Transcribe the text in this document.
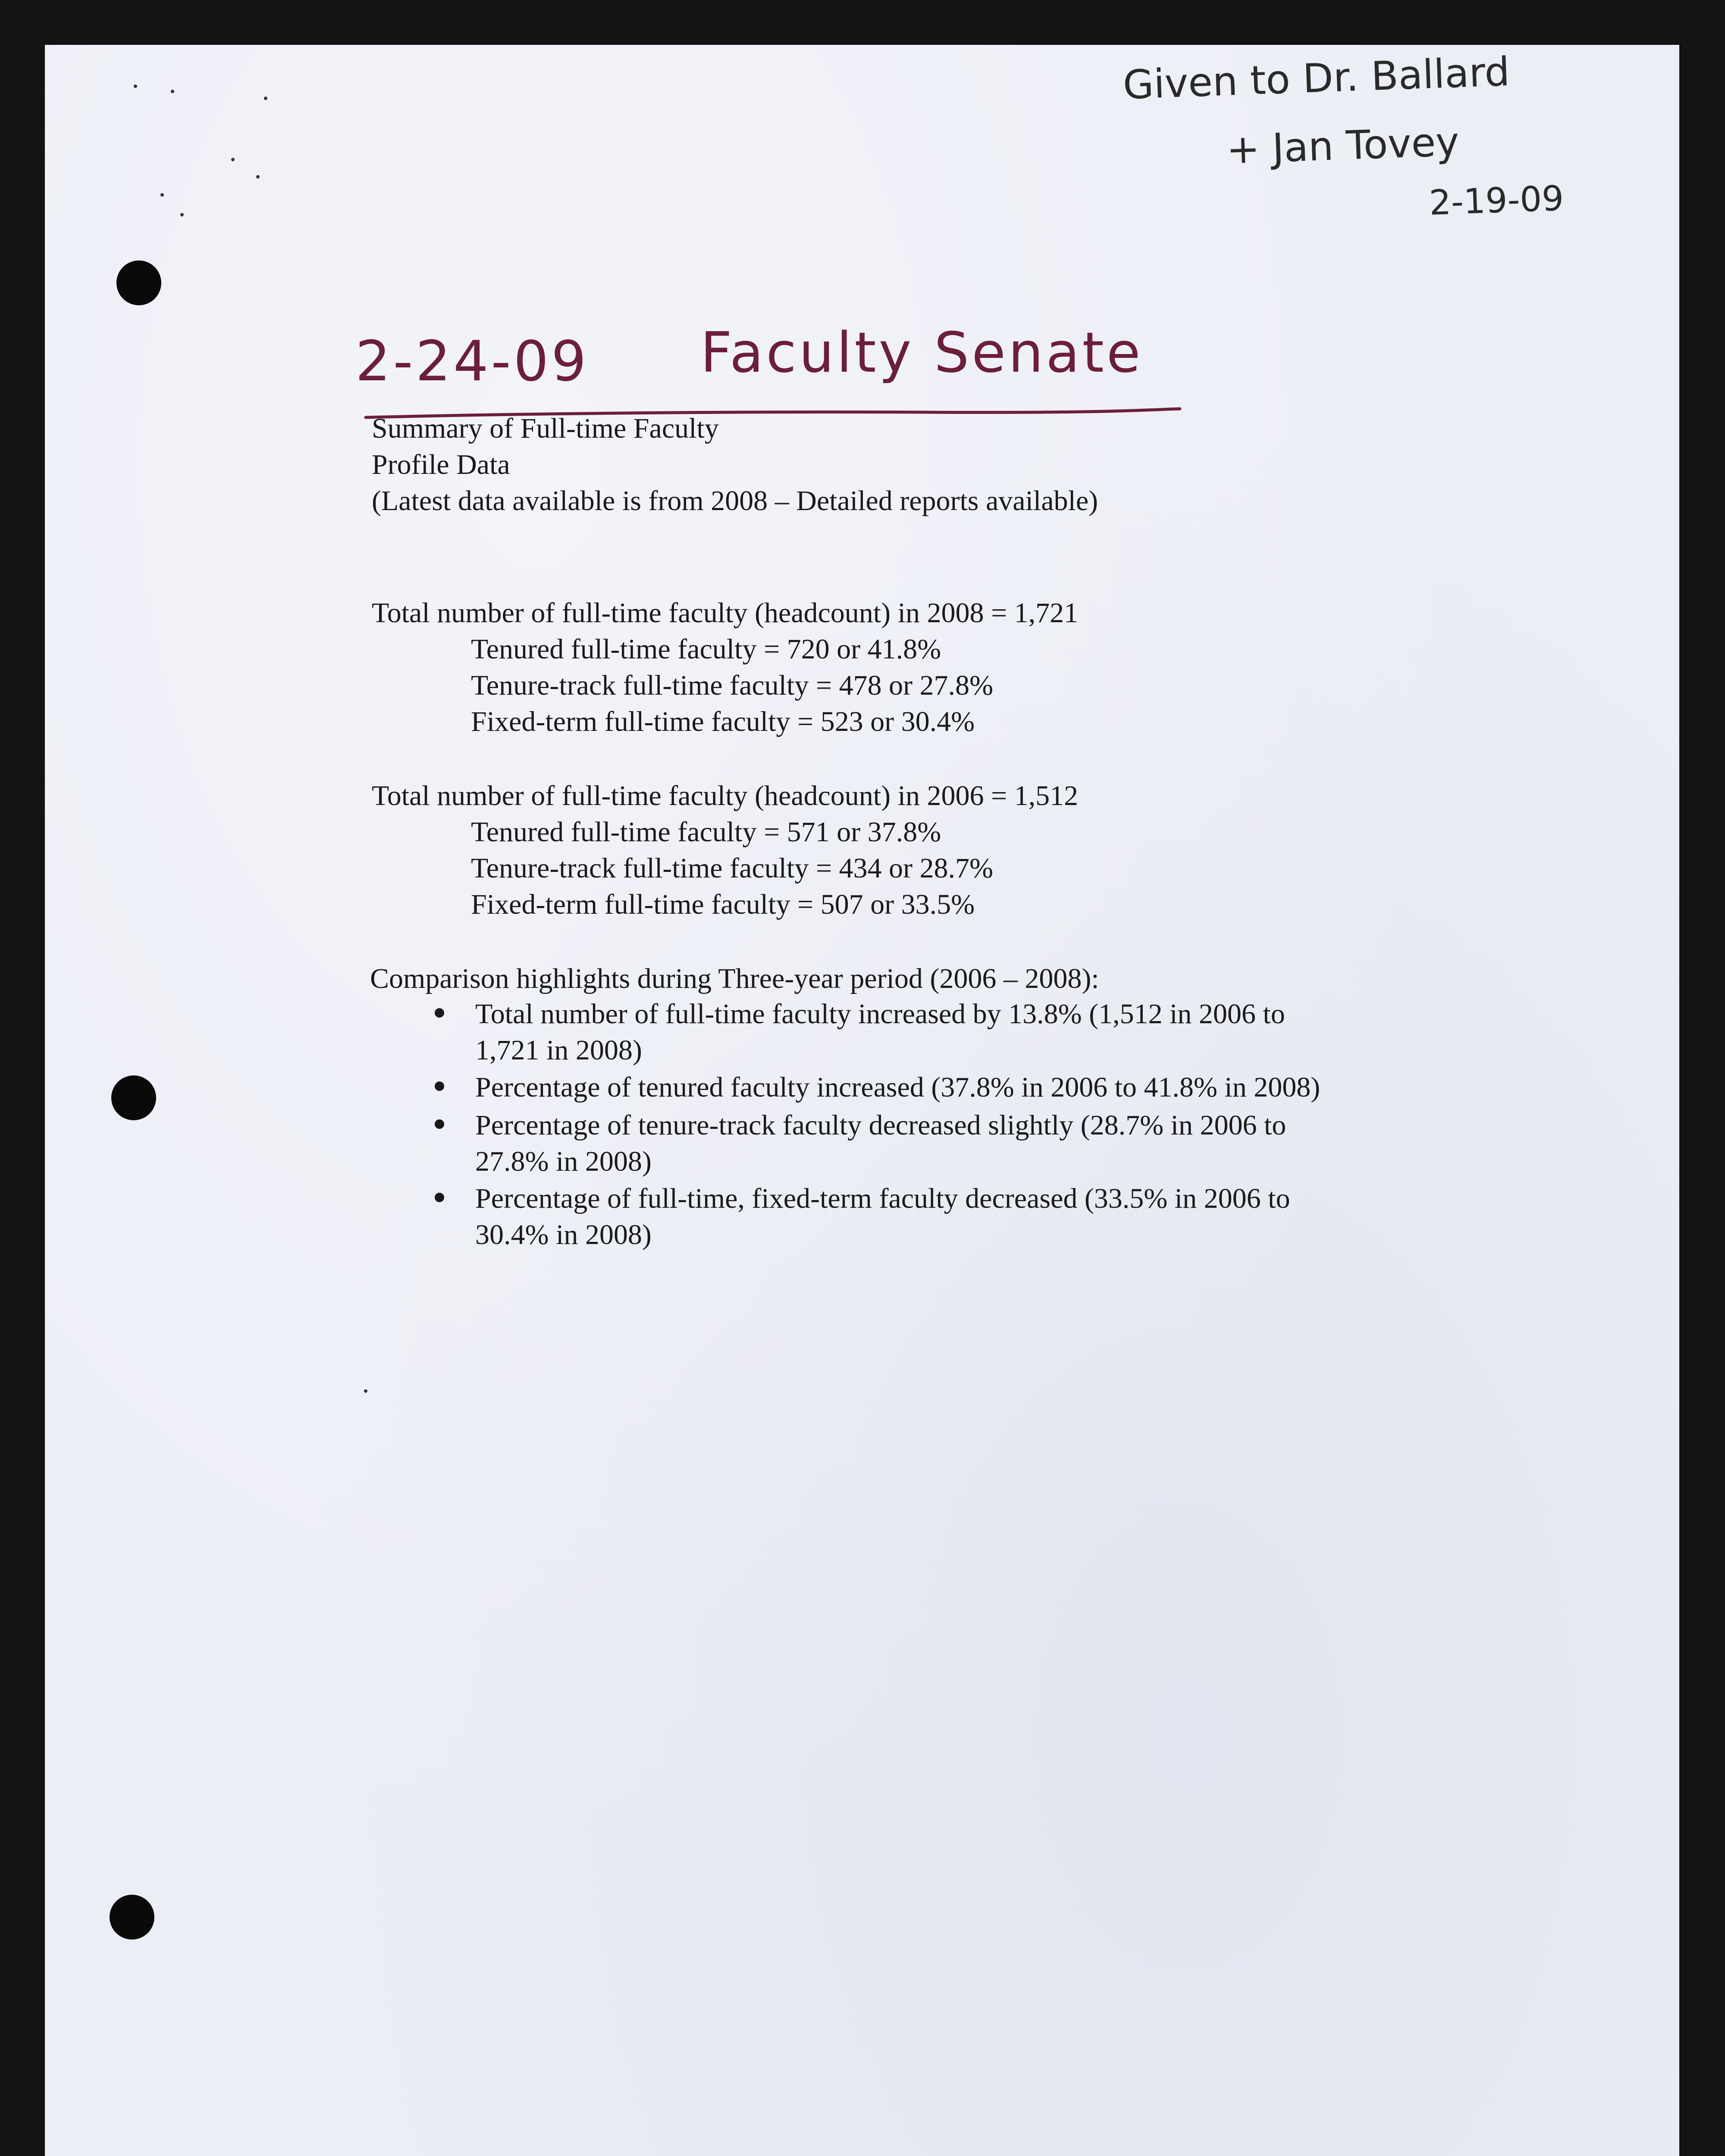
Given to Dr. Ballard
+ Jan Tovey
2-19-09
2-24-09 Faculty Senate
Summary of Full-time Faculty
Profile Data
(Latest data available is from 2008 – Detailed reports available)
Total number of full-time faculty (headcount) in 2008 = 1,721
Tenured full-time faculty = 720 or 41.8%
Tenure-track full-time faculty = 478 or 27.8%
Fixed-term full-time faculty = 523 or 30.4%
Total number of full-time faculty (headcount) in 2006 = 1,512
Tenured full-time faculty = 571 or 37.8%
Tenure-track full-time faculty = 434 or 28.7%
Fixed-term full-time faculty = 507 or 33.5%
Comparison highlights during Three-year period (2006 – 2008):
Total number of full-time faculty increased by 13.8% (1,512 in 2006 to
1,721 in 2008)
Percentage of tenured faculty increased (37.8% in 2006 to 41.8% in 2008)
Percentage of tenure-track faculty decreased slightly (28.7% in 2006 to
27.8% in 2008)
Percentage of full-time, fixed-term faculty decreased (33.5% in 2006 to
30.4% in 2008)
